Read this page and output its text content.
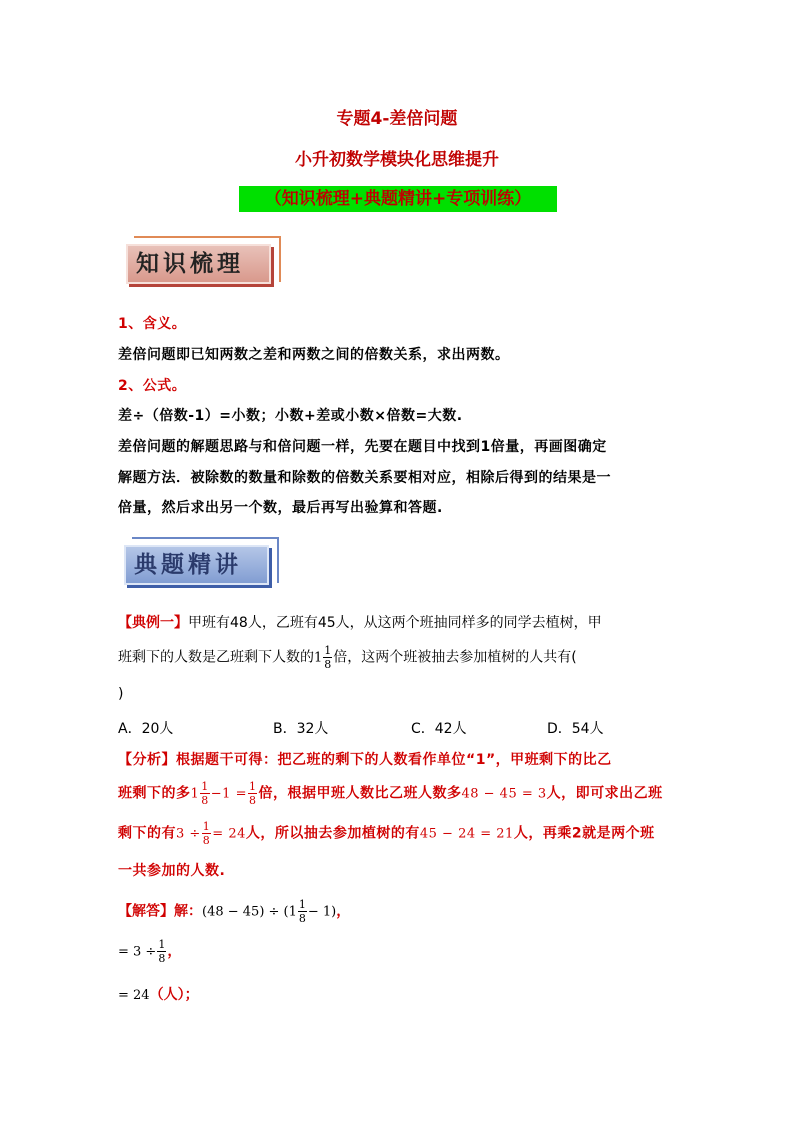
专题4-差倍问题
小升初数学模块化思维提升
（知识梳理+典题精讲+专项训练）
知识梳理
1、含义。
差倍问题即已知两数之差和两数之间的倍数关系，求出两数。
2、公式。
差÷（倍数-1）=小数；小数+差或小数×倍数=大数.
差倍问题的解题思路与和倍问题一样，先要在题目中找到1倍量，再画图确定
解题方法．被除数的数量和除数的倍数关系要相对应，相除后得到的结果是一
倍量，然后求出另一个数，最后再写出验算和答题.
典题精讲
【典例一】甲班有48人，乙班有45人，从这两个班抽同样多的同学去植树，甲
班剩下的人数是乙班剩下人数的$1 \frac{1}{8}$ 倍，这两个班被抽去参加植树的人共有(
)
A．20人	B．32人	C．42人	D．54人
【分析】根据题干可得：把乙班的剩下的人数看作单位“1”，甲班剩下的比乙
班剩下的多$1 \frac{1}{8} -1 = \frac{1}{8}$ 倍，根据甲班人数比乙班人数多48 − 45 = 3人，即可求出乙班
剩下的有$3 \div \frac{1}{8} = 24$人，所以抽去参加植树的有45 − 24 = 21人，再乘2就是两个班
一共参加的人数.
【解答】解：$(48 - 45) \div (1 \frac{1}{8} - 1)$，
= $3 \div \frac{1}{8}$ ，
= 24（人）；
